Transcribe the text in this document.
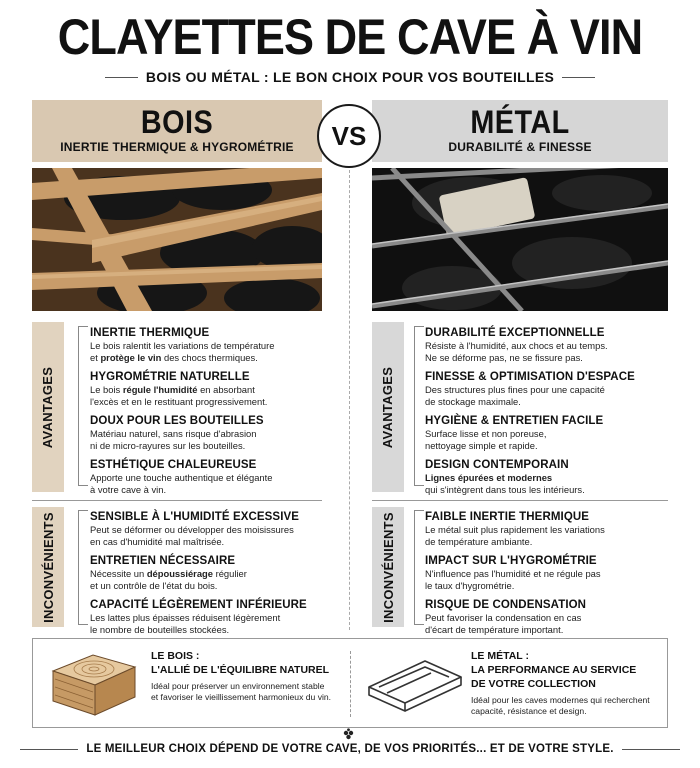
CLAYETTES DE CAVE À VIN
BOIS OU MÉTAL : LE BON CHOIX POUR VOS BOUTEILLES
BOIS
INERTIE THERMIQUE & HYGROMÉTRIE
MÉTAL
DURABILITÉ & FINESSE
VS
AVANTAGES
INERTIE THERMIQUE
Le bois ralentit les variations de température
et protège le vin des chocs thermiques.
HYGROMÉTRIE NATURELLE
Le bois régule l'humidité en absorbant
l'excès et en le restituant progressivement.
DOUX POUR LES BOUTEILLES
Matériau naturel, sans risque d'abrasion
ni de micro-rayures sur les bouteilles.
ESTHÉTIQUE CHALEUREUSE
Apporte une touche authentique et élégante
à votre cave à vin.
INCONVÉNIENTS	SENSIBLE À L'HUMIDITÉ EXCESSIVE
Peut se déformer ou développer des moisissures
en cas d'humidité mal maîtrisée.
ENTRETIEN NÉCESSAIRE
Nécessite un dépoussiérage régulier
et un contrôle de l'état du bois.
CAPACITÉ LÉGÈREMENT INFÉRIEURE
Les lattes plus épaisses réduisent légèrement
le nombre de bouteilles stockées.
AVANTAGES
DURABILITÉ EXCEPTIONNELLE
Résiste à l'humidité, aux chocs et au temps.
Ne se déforme pas, ne se fissure pas.
FINESSE & OPTIMISATION D'ESPACE
Des structures plus fines pour une capacité
de stockage maximale.
HYGIÈNE & ENTRETIEN FACILE
Surface lisse et non poreuse,
nettoyage simple et rapide.
DESIGN CONTEMPORAIN
Lignes épurées et modernes
qui s'intègrent dans tous les intérieurs.
INCONVÉNIENTS	FAIBLE INERTIE THERMIQUE
Le métal suit plus rapidement les variations
de température ambiante.
IMPACT SUR L'HYGROMÉTRIE
N'influence pas l'humidité et ne régule pas
le taux d'hygrométrie.
RISQUE DE CONDENSATION
Peut favoriser la condensation en cas
d'écart de température important.
LE BOIS :
L'ALLIÉ DE L'ÉQUILIBRE NATUREL
Idéal pour préserver un environnement stable
et favoriser le vieillissement harmonieux du vin.
LE MÉTAL :
LA PERFORMANCE AU SERVICE
DE VOTRE COLLECTION
Idéal pour les caves modernes qui recherchent
capacité, résistance et design.
LE MEILLEUR CHOIX DÉPEND DE VOTRE CAVE, DE VOS PRIORITÉS... ET DE VOTRE STYLE.
